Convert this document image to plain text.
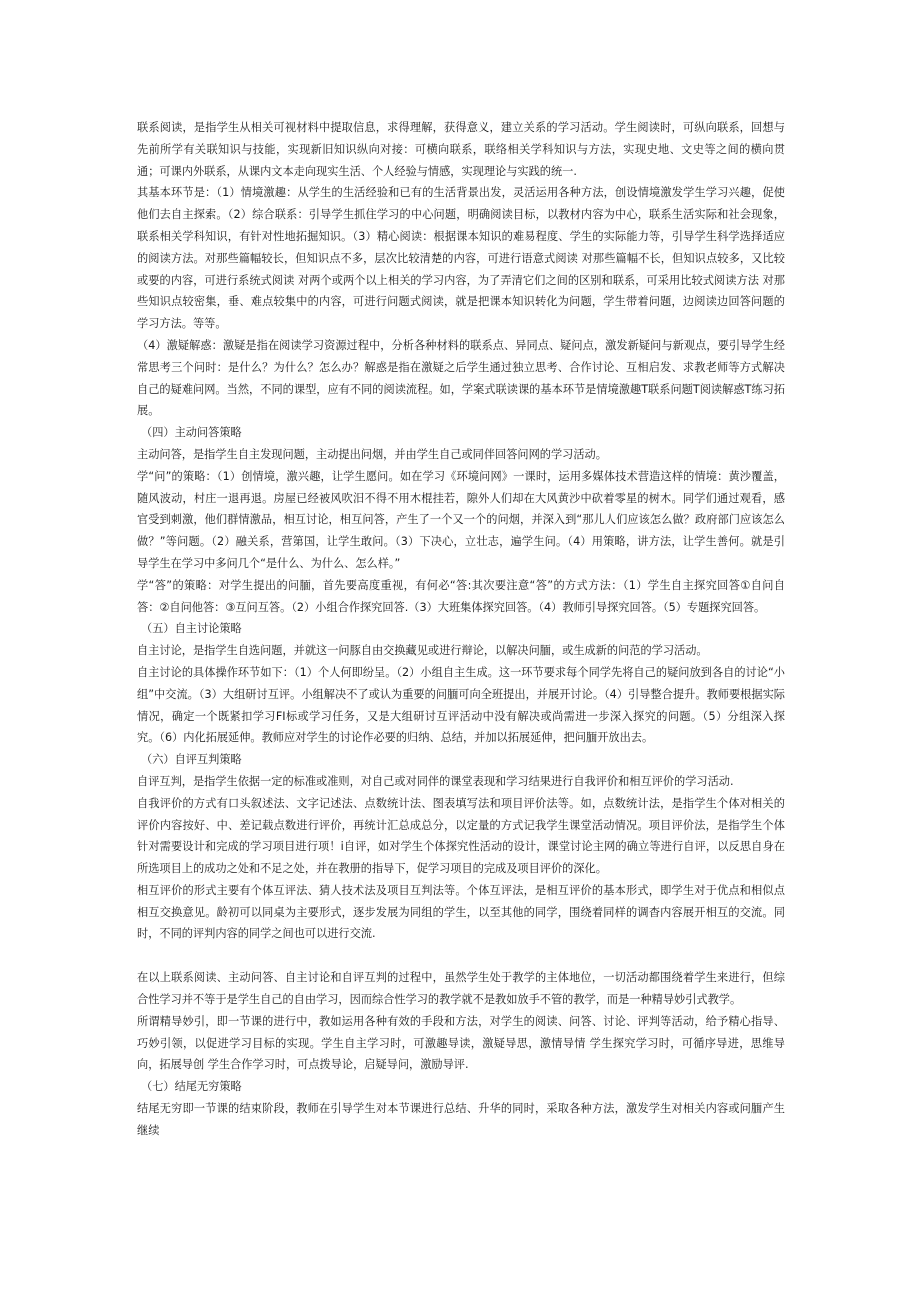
联系阅读，是指学生从相关可视材料中提取信息，求得理解，获得意义，建立关系的学习活动。学生阅读时，可纵向联系，回想与先前所学有关联知识与技能，实现新旧知识纵向对接：可横向联系，联络相关学科知识与方法，实现史地、文史等之间的横向贯通；可课内外联系，从课内文本走向现实生活、个人经验与情感，实现理论与实践的统一.

其基本环节是：（1）情境激趣：从学生的生活经验和已有的生活背景出发，灵活运用各种方法，创设情境激发学生学习兴趣，促使他们去自主探索。（2）综合联系：引导学生抓住学习的中心问题，明确阅读目标，以教材内容为中心，联系生活实际和社会现象，联系相关学科知识，有针对性地拓掘知识。（3）精心阅读：根据课本知识的难易程度、学生的实际能力等，引导学生科学选择适应的阅读方法。对那些篇幅较长，但知识点不多，层次比较清楚的内容，可进行语意式阅读 对那些篇幅不长，但知识点较多，又比较或要的内容，可进行系统式阅读 对两个或两个以上相关的学习内容，为了弄清它们之间的区别和联系，可采用比较式阅读方法 对那些知识点较密集，垂、难点较集中的内容，可进行问题式阅读，就是把课本知识转化为问题，学生带着问题，边阅读边回答问题的学习方法。等等。

（4）激疑解惑：激疑是指在阅读学习资源过程中，分析各种材料的联系点、异同点、疑问点，激发新疑问与新观点，要引导学生经常思考三个问时：是什么？为什么？怎么办？解惑是指在激疑之后学生通过独立思考、合作讨论、互相启发、求教老师等方式解决自己的疑难问网。当然，不同的课型，应有不同的阅读流程。如，学案式联读课的基本环节是情境激趣T联系问题T阅读解惑T练习拓展。

（四）主动问答策略

主动问答，是指学生自主发现问题，主动提出问烟，并由学生自己或同伴回答问网的学习活动。

学“问”的策略：（1）创情境，激兴趣，让学生愿问。如在学习《环境问网》一课时，运用多媒体技术营造这样的情境：黄沙覆盖，随风波动，村庄一退再退。房屋已经被风吹汨不得不用木棍挂若，隙外人们却在大风黄沙中砍着零星的树木。同学们通过观看，感官受到刺激，他们群情激品，相互讨论，相互问答，产生了一个又一个的问烟，并深入到“那儿人们应该怎么做？政府部门应该怎么做？”等问题。（2）融关系，营第国，让学生敢问。（3）下决心，立壮志，遍学生问。（4）用策略，讲方法，让学生善何。就是引导学生在学习中多问几个“是什么、为什么、怎么样。”

学“答”的策略：对学生提出的问腼，首先要高度重视，有何必“答:其次要注意“答”的方式方法：（1）学生自主探究回答①自问自答：②自问他答：③互问互答。（2）小组合作探究回答.（3）大班集体探究回答。（4）教师引导探究回答。（5）专题探究回答。

（五）自主讨论策略

自主讨论，是指学生自选问题，并就这一问豚自由交换藏见或进行辩论，以解决问腼，或生成新的问范的学习活动。

自主讨论的具体操作环节如下：（1）个人何即纷呈。（2）小组自主生成。这一环节要求每个同学先将自己的疑问放到各自的讨论“小组”中交流。（3）大组研讨互评。小组解决不了或认为重要的问腼可向全班提出，并展开讨论。（4）引导整合提升。教师要根据实际情况，确定一个既紧扣学习FI标或学习任务，又是大组研讨互评活动中没有解决或尚需进一步深入探究的问题。（5）分组深入探究。（6）内化拓展延伸。教师应对学生的讨论作必要的归纳、总结，并加以拓展延伸，把问腼开放出去。

（六）自评互判策略

自评互判，是指学生依据一定的标准或准则，对自己或对同伴的课堂表现和学习结果进行自我评价和相互评价的学习活动.

自我评价的方式有口头叙述法、文字记述法、点数统计法、图表填写法和项目评价法等。如，点数统计法，是指学生个体对相关的评价内容按好、中、差记载点数进行评价，再统计汇总成总分，以定量的方式记我学生课堂活动情况。项目评价法，是指学生个体针对需要设计和完成的学习项目进行项！i自评，如对学生个体探究性活动的设计，课堂讨论主网的确立等进行自评，以反思自身在所选项目上的成功之处和不足之处，并在教册的指导下，促学习项目的完成及项目评价的深化。

相互评价的形式主要有个体互评法、猜人技术法及项目互判法等。个体互评法，是相互评价的基本形式，即学生对于优点和相似点相互交换意见。龄初可以同桌为主要形式，逐步发展为同组的学生，以至其他的同学，围绕着同样的调杳内容展开相互的交流。同时，不同的评判内容的同学之间也可以进行交流.

在以上联系阅读、主动问答、自主讨论和自评互判的过程中，虽然学生处于教学的主体地位，一切活动都围绕着学生来进行，但综合性学习并不等于是学生自己的自由学习，因而综合性学习的教学就不是教如放手不管的教学，而是一种精导妙引式教学。

所谓精导妙引，即一节课的进行中，教如运用各种有效的手段和方法，对学生的阅读、问答、讨论、评判等活动，给予精心指导、巧妙引领，以促进学习目标的实现。学生自主学习时，可激趣导读，激疑导思，激情导情 学生探究学习时，可循序导进，思维导向，拓展导创 学生合作学习时，可点拨导论，启疑导问，激励导评.

（七）结尾无穷策略

结尾无穷即一节课的结束阶段，教师在引导学生对本节课进行总结、升华的同时，采取各种方法，激发学生对相关内容或问腼产生继续
